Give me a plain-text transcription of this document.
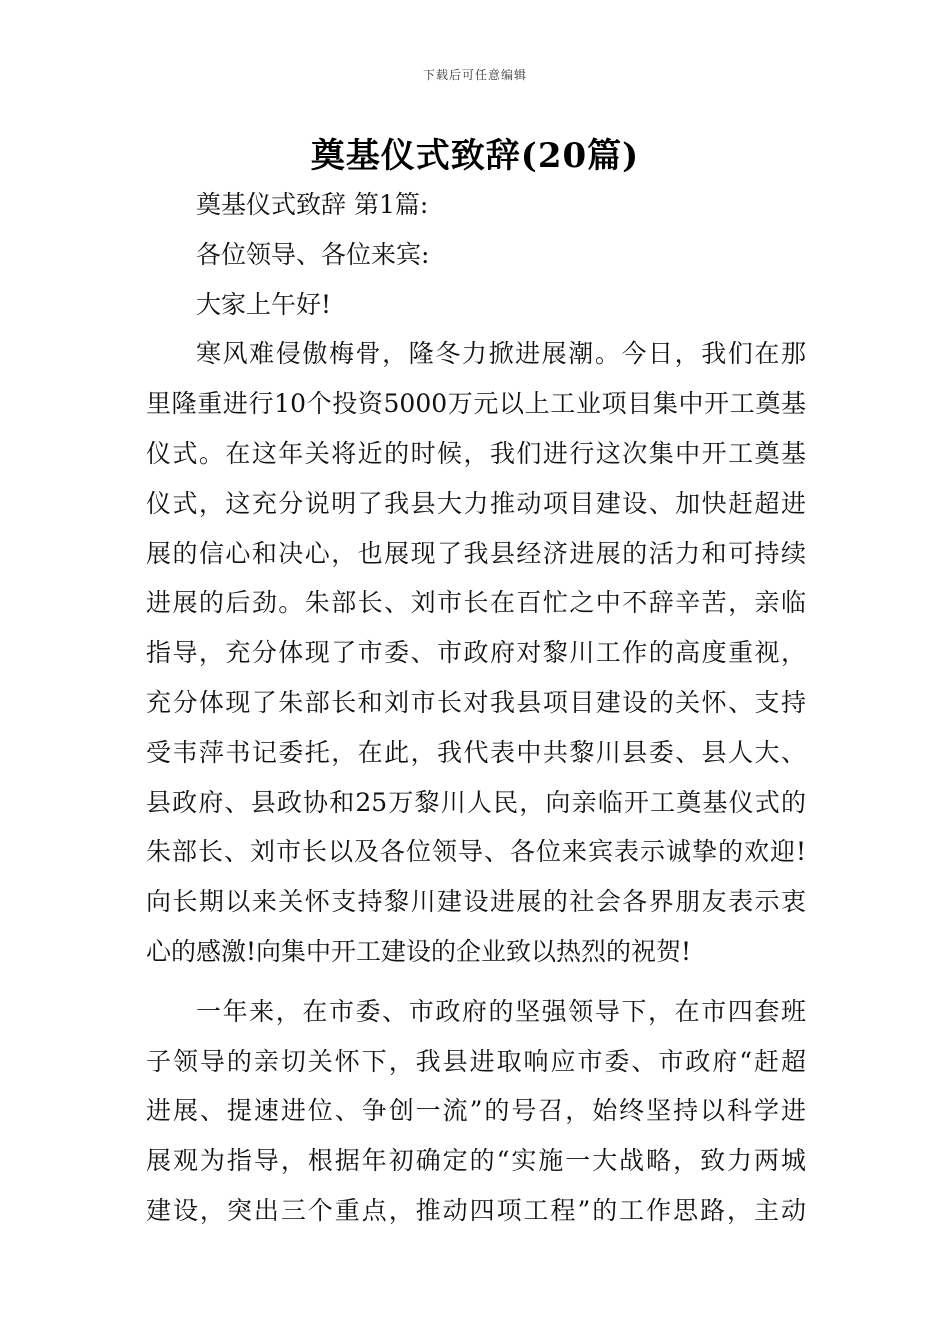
下载后可任意编辑
奠基仪式致辞(20篇)
奠基仪式致辞 第1篇:
各位领导、各位来宾:
大家上午好!
寒风难侵傲梅骨，隆冬力掀进展潮。今日，我们在那
里隆重进行10个投资5000万元以上工业项目集中开工奠基
仪式。在这年关将近的时候，我们进行这次集中开工奠基
仪式，这充分说明了我县大力推动项目建设、加快赶超进
展的信心和决心，也展现了我县经济进展的活力和可持续
进展的后劲。朱部长、刘市长在百忙之中不辞辛苦，亲临
指导，充分体现了市委、市政府对黎川工作的高度重视，
充分体现了朱部长和刘市长对我县项目建设的关怀、支持
受韦萍书记委托，在此，我代表中共黎川县委、县人大、
县政府、县政协和25万黎川人民，向亲临开工奠基仪式的
朱部长、刘市长以及各位领导、各位来宾表示诚挚的欢迎!
向长期以来关怀支持黎川建设进展的社会各界朋友表示衷
心的感激!向集中开工建设的企业致以热烈的祝贺!
一年来，在市委、市政府的坚强领导下，在市四套班
子领导的亲切关怀下，我县进取响应市委、市政府“赶超
进展、提速进位、争创一流”的号召，始终坚持以科学进
展观为指导，根据年初确定的“实施一大战略，致力两城
建设，突出三个重点，推动四项工程”的工作思路，主动
